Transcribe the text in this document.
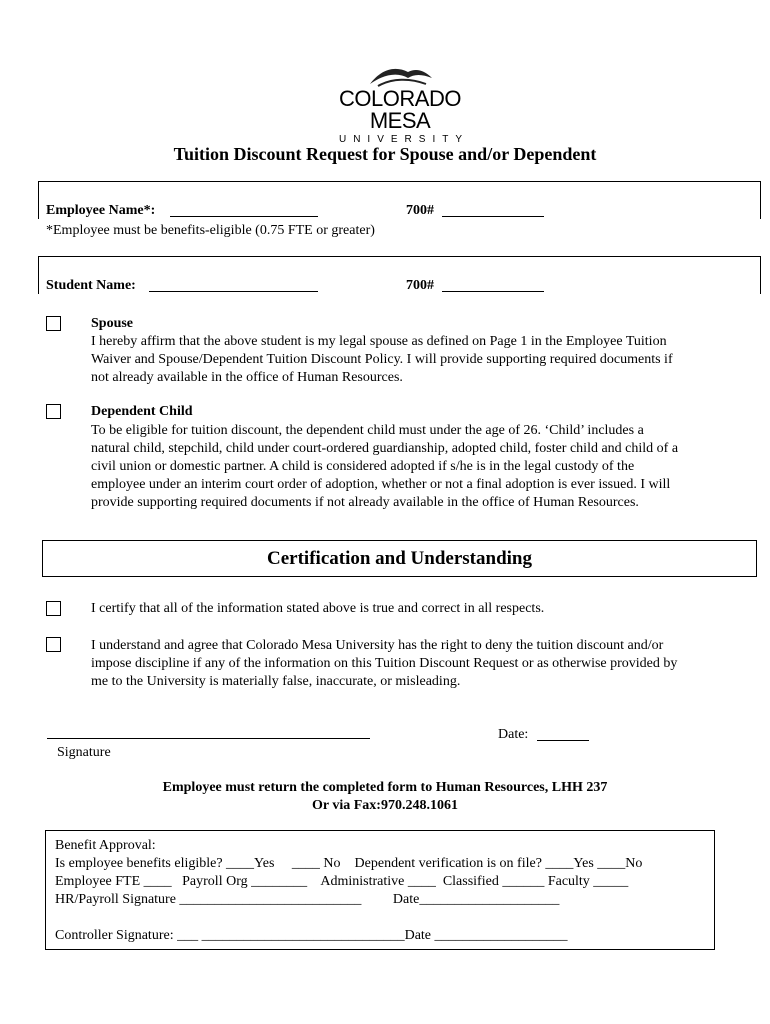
COLORADO MESA
UNIVERSITY
Tuition Discount Request for Spouse and/or Dependent
Employee Name*:	700#
*Employee must be benefits-eligible (0.75 FTE or greater)
Student Name:	700#
Spouse
I hereby affirm that the above student is my legal spouse as defined on Page 1 in the Employee Tuition
Waiver and Spouse/Dependent Tuition Discount Policy. I will provide supporting required documents if
not already available in the office of Human Resources.
Dependent Child
To be eligible for tuition discount, the dependent child must under the age of 26. ‘Child’ includes a
natural child, stepchild, child under court-ordered guardianship, adopted child, foster child and child of a
civil union or domestic partner. A child is considered adopted if s/he is in the legal custody of the
employee under an interim court order of adoption, whether or not a final adoption is ever issued. I will
provide supporting required documents if not already available in the office of Human Resources.
Certification and Understanding
I certify that all of the information stated above is true and correct in all respects.
I understand and agree that Colorado Mesa University has the right to deny the tuition discount and/or
impose discipline if any of the information on this Tuition Discount Request or as otherwise provided by
me to the University is materially false, inaccurate, or misleading.
Signature
Date:
Employee must return the completed form to Human Resources, LHH 237
Or via Fax:970.248.1061
Benefit Approval:
Is employee benefits eligible? ____Yes     ____ No    Dependent verification is on file? ____Yes ____No
Employee FTE ____   Payroll Org ________    Administrative ____  Classified ______ Faculty _____
HR/Payroll Signature __________________________         Date____________________
Controller Signature: ___ _____________________________Date ___________________
